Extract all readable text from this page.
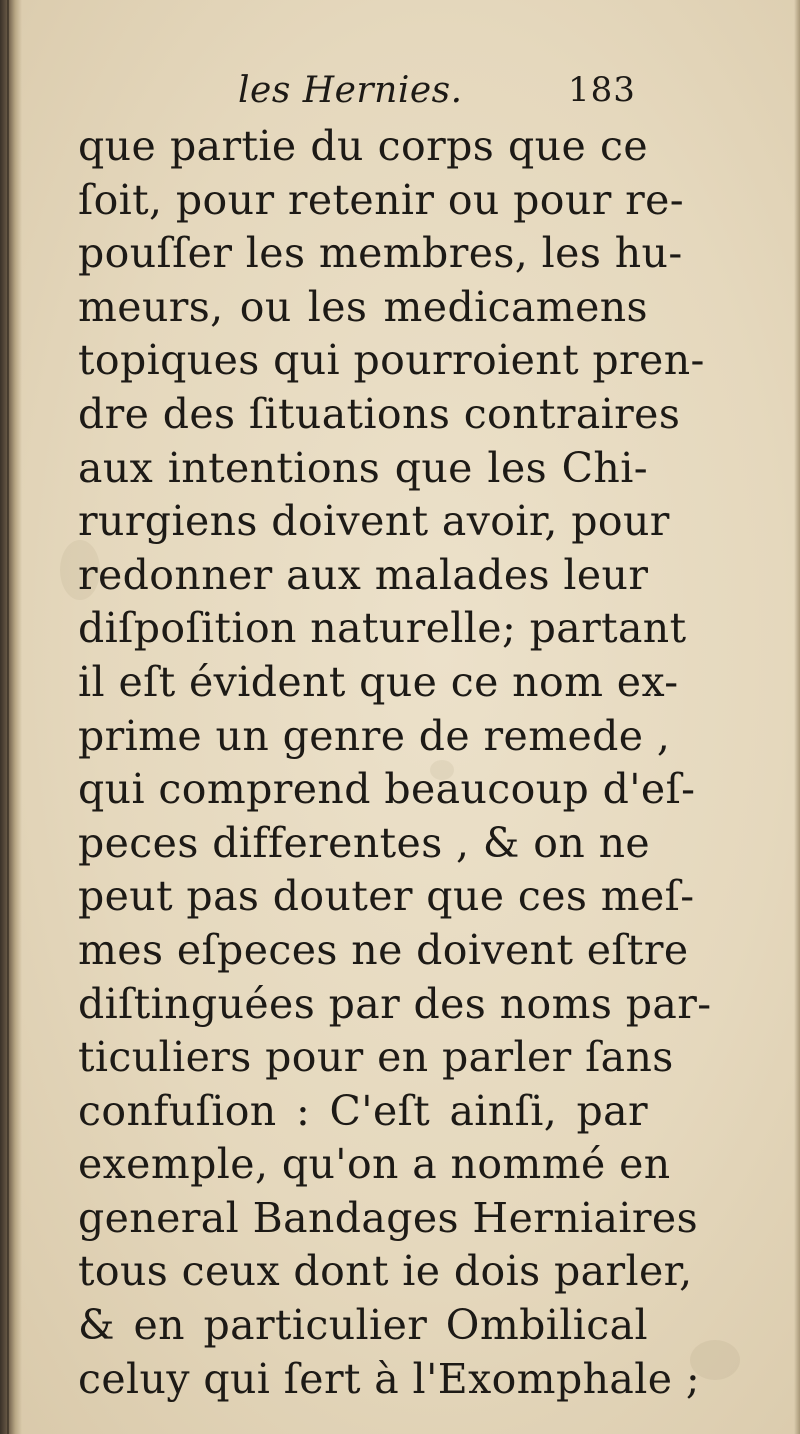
les Hernies.	183
que partie du corps que ce
ſoit, pour retenir ou pour re-
pouſſer les membres, les hu-
meurs, ou les medicamens
topiques qui pourroient pren-
dre des ſituations contraires
aux intentions que les Chi-
rurgiens doivent avoir, pour
redonner aux malades leur
diſpoſition naturelle; partant
il eſt évident que ce nom ex-
prime un genre de remede ,
qui comprend beaucoup d'eſ-
peces differentes , & on ne
peut pas douter que ces meſ-
mes eſpeces ne doivent eſtre
diſtinguées par des noms par-
ticuliers pour en parler ſans
confuſion : C'eſt ainſi, par
exemple, qu'on a nommé en
general Bandages Herniaires
tous ceux dont ie dois parler,
& en particulier Ombilical
celuy qui ſert à l'Exomphale ;
